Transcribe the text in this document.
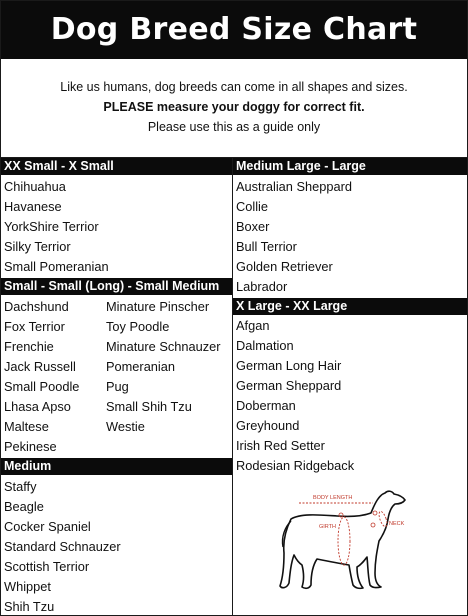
Dog Breed Size Chart
Like us humans, dog breeds can come in all shapes and sizes.
PLEASE measure your doggy for correct fit.
Please use this as a guide only
XX Small - X Small
Chihuahua
Havanese
YorkShire Terrior
Silky Terrior
Small Pomeranian
Small - Small (Long) - Small Medium
Dachshund
Fox Terrior
Frenchie
Jack Russell
Small Poodle
Lhasa Apso
Maltese
Pekinese
Minature Pinscher
Toy Poodle
Minature Schnauzer
Pomeranian
Pug
Small Shih Tzu
Westie
Medium
Staffy
Beagle
Cocker Spaniel
Standard Schnauzer
Scottish Terrior
Whippet
Shih Tzu
Medium Large - Large
Australian Sheppard
Collie
Boxer
Bull Terrior
Golden Retriever
Labrador
X Large - XX Large
Afgan
Dalmation
German Long Hair
German Sheppard
Doberman
Greyhound
Irish Red Setter
Rodesian Ridgeback
BODY LENGTH
GIRTH	NECK
